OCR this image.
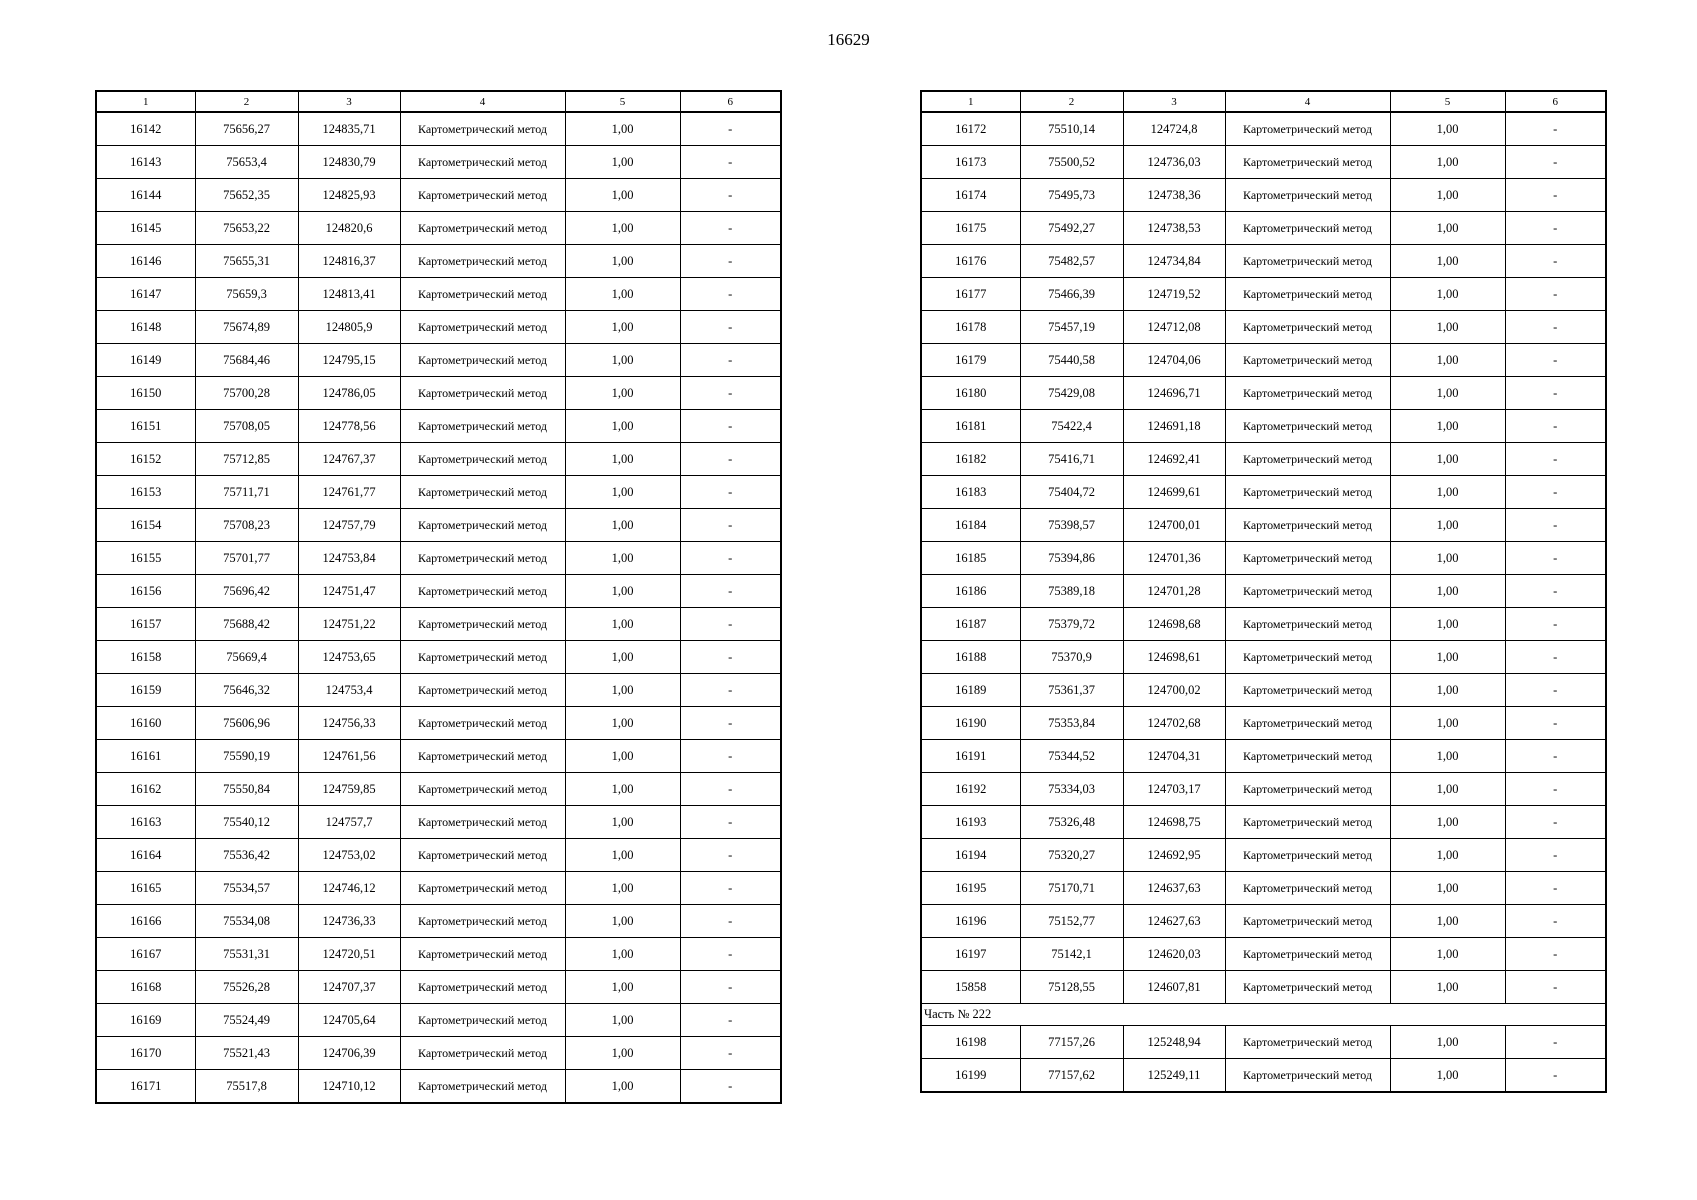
16629
1	2	3	4	5	6
16142	75656,27	124835,71	Картометрический метод	1,00	-
16143	75653,4	124830,79	Картометрический метод	1,00	-
16144	75652,35	124825,93	Картометрический метод	1,00	-
16145	75653,22	124820,6	Картометрический метод	1,00	-
16146	75655,31	124816,37	Картометрический метод	1,00	-
16147	75659,3	124813,41	Картометрический метод	1,00	-
16148	75674,89	124805,9	Картометрический метод	1,00	-
16149	75684,46	124795,15	Картометрический метод	1,00	-
16150	75700,28	124786,05	Картометрический метод	1,00	-
16151	75708,05	124778,56	Картометрический метод	1,00	-
16152	75712,85	124767,37	Картометрический метод	1,00	-
16153	75711,71	124761,77	Картометрический метод	1,00	-
16154	75708,23	124757,79	Картометрический метод	1,00	-
16155	75701,77	124753,84	Картометрический метод	1,00	-
16156	75696,42	124751,47	Картометрический метод	1,00	-
16157	75688,42	124751,22	Картометрический метод	1,00	-
16158	75669,4	124753,65	Картометрический метод	1,00	-
16159	75646,32	124753,4	Картометрический метод	1,00	-
16160	75606,96	124756,33	Картометрический метод	1,00	-
16161	75590,19	124761,56	Картометрический метод	1,00	-
16162	75550,84	124759,85	Картометрический метод	1,00	-
16163	75540,12	124757,7	Картометрический метод	1,00	-
16164	75536,42	124753,02	Картометрический метод	1,00	-
16165	75534,57	124746,12	Картометрический метод	1,00	-
16166	75534,08	124736,33	Картометрический метод	1,00	-
16167	75531,31	124720,51	Картометрический метод	1,00	-
16168	75526,28	124707,37	Картометрический метод	1,00	-
16169	75524,49	124705,64	Картометрический метод	1,00	-
16170	75521,43	124706,39	Картометрический метод	1,00	-
16171	75517,8	124710,12	Картометрический метод	1,00	-
1	2	3	4	5	6
16172	75510,14	124724,8	Картометрический метод	1,00	-
16173	75500,52	124736,03	Картометрический метод	1,00	-
16174	75495,73	124738,36	Картометрический метод	1,00	-
16175	75492,27	124738,53	Картометрический метод	1,00	-
16176	75482,57	124734,84	Картометрический метод	1,00	-
16177	75466,39	124719,52	Картометрический метод	1,00	-
16178	75457,19	124712,08	Картометрический метод	1,00	-
16179	75440,58	124704,06	Картометрический метод	1,00	-
16180	75429,08	124696,71	Картометрический метод	1,00	-
16181	75422,4	124691,18	Картометрический метод	1,00	-
16182	75416,71	124692,41	Картометрический метод	1,00	-
16183	75404,72	124699,61	Картометрический метод	1,00	-
16184	75398,57	124700,01	Картометрический метод	1,00	-
16185	75394,86	124701,36	Картометрический метод	1,00	-
16186	75389,18	124701,28	Картометрический метод	1,00	-
16187	75379,72	124698,68	Картометрический метод	1,00	-
16188	75370,9	124698,61	Картометрический метод	1,00	-
16189	75361,37	124700,02	Картометрический метод	1,00	-
16190	75353,84	124702,68	Картометрический метод	1,00	-
16191	75344,52	124704,31	Картометрический метод	1,00	-
16192	75334,03	124703,17	Картометрический метод	1,00	-
16193	75326,48	124698,75	Картометрический метод	1,00	-
16194	75320,27	124692,95	Картометрический метод	1,00	-
16195	75170,71	124637,63	Картометрический метод	1,00	-
16196	75152,77	124627,63	Картометрический метод	1,00	-
16197	75142,1	124620,03	Картометрический метод	1,00	-
15858	75128,55	124607,81	Картометрический метод	1,00	-
Часть № 222					
16198	77157,26	125248,94	Картометрический метод	1,00	-
16199	77157,62	125249,11	Картометрический метод	1,00	-
